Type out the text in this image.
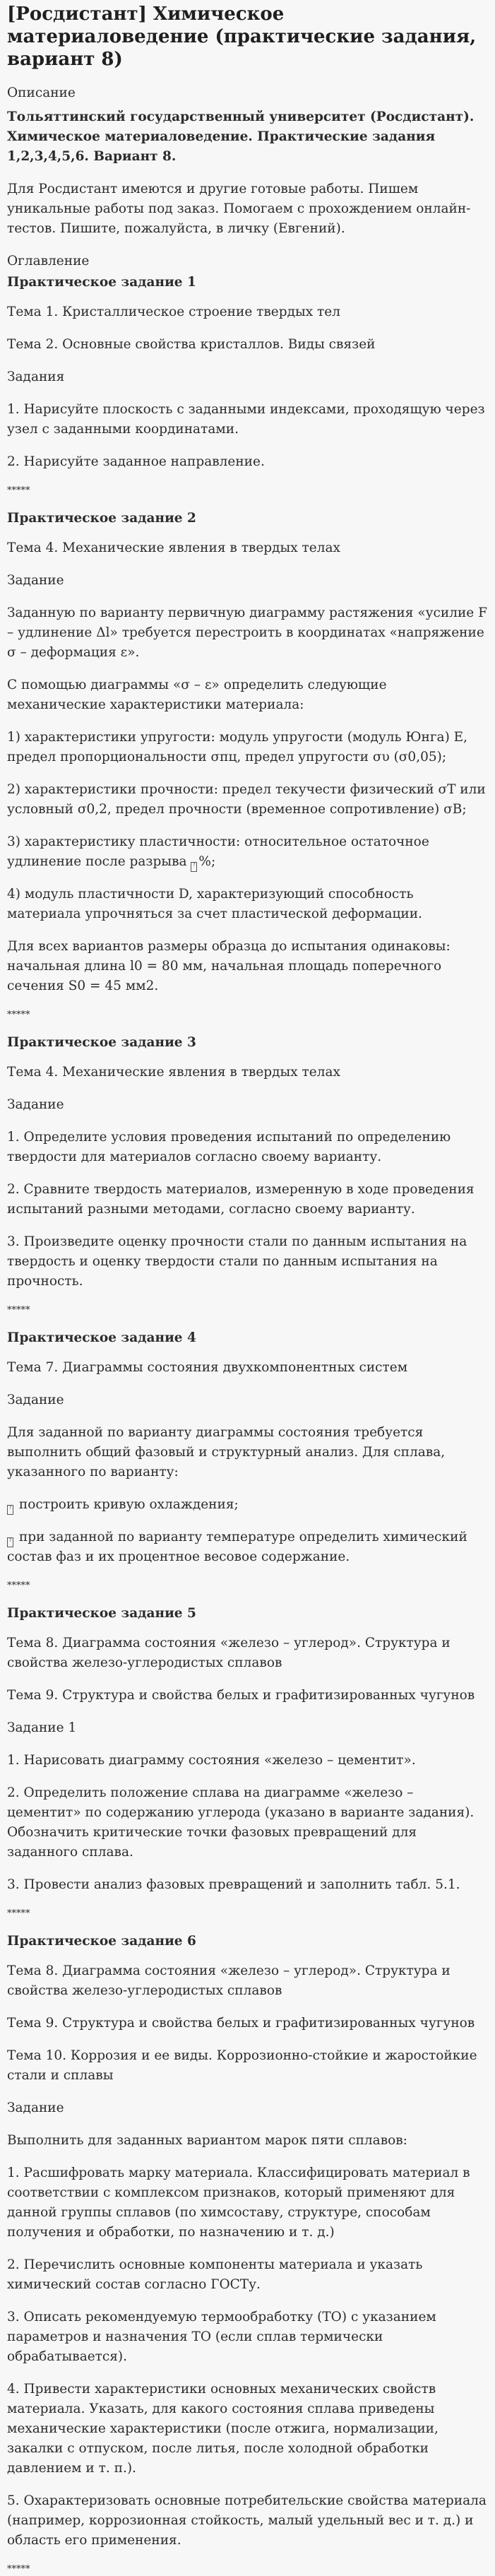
[Росдистант] Химическое материаловедение (практические задания, вариант 8)
Описание

Тольяттинский государственный университет (Росдистант). Химическое материаловедение. Практические задания 1,2,3,4,5,6. Вариант 8.

Для Росдистант имеются и другие готовые работы. Пишем уникальные работы под заказ. Помогаем с прохождением онлайн-тестов. Пишите, пожалуйста, в личку (Евгений).

Оглавление
Практическое задание 1

Тема 1. Кристаллическое строение твердых тел

Тема 2. Основные свойства кристаллов. Виды связей

Задания

1. Нарисуйте плоскость с заданными индексами, проходящую через узел с заданными координатами.

2. Нарисуйте заданное направление.

*****
Практическое задание 2

Тема 4. Механические явления в твердых телах

Задание

Заданную по варианту первичную диаграмму растяжения «усилие F – удлинение Δl» требуется перестроить в координатах «напряжение σ – деформация ε».

С помощью диаграммы «σ – ε» определить следующие механические характеристики материала:

1) характеристики упругости: модуль упругости (модуль Юнга) Е, предел пропорциональности σпц, предел упругости συ (σ0,05);

2) характеристики прочности: предел текучести физический σТ или условный σ0,2, предел прочности (временное сопротивление) σВ;

3) характеристику пластичности: относительное остаточное удлинение после разрыва ? %;

4) модуль пластичности D, характеризующий способность материала упрочняться за счет пластической деформации.

Для всех вариантов размеры образца до испытания одинаковы: начальная длина l0 = 80 мм, начальная площадь поперечного сечения S0 = 45 мм2.

*****
Практическое задание 3

Тема 4. Механические явления в твердых телах

Задание

1. Определите условия проведения испытаний по определению твердости для материалов согласно своему варианту.

2. Сравните твердость материалов, измеренную в ходе проведения испытаний разными методами, согласно своему варианту.

3. Произведите оценку прочности стали по данным испытания на твердость и оценку твердости стали по данным испытания на прочность.

*****
Практическое задание 4

Тема 7. Диаграммы состояния двухкомпонентных систем

Задание

Для заданной по варианту диаграммы состояния требуется выполнить общий фазовый и структурный анализ. Для сплава, указанного по варианту:

? построить кривую охлаждения;

? при заданной по варианту температуре определить химический состав фаз и их процентное весовое содержание.

*****
Практическое задание 5

Тема 8. Диаграмма состояния «железо – углерод». Структура и свойства железо-углеродистых сплавов

Тема 9. Структура и свойства белых и графитизированных чугунов

Задание 1

1. Нарисовать диаграмму состояния «железо – цементит».

2. Определить положение сплава на диаграмме «железо – цементит» по содержанию углерода (указано в варианте задания). Обозначить критические точки фазовых превращений для заданного сплава.

3. Провести анализ фазовых превращений и заполнить табл. 5.1.

*****
Практическое задание 6

Тема 8. Диаграмма состояния «железо – углерод». Структура и свойства железо-углеродистых сплавов

Тема 9. Структура и свойства белых и графитизированных чугунов

Тема 10. Коррозия и ее виды. Коррозионно-стойкие и жаростойкие стали и сплавы

Задание

Выполнить для заданных вариантом марок пяти сплавов:

1. Расшифровать марку материала. Классифицировать материал в соответствии с комплексом признаков, который применяют для данной группы сплавов (по химсоставу, структуре, способам получения и обработки, по назначению и т. д.)

2. Перечислить основные компоненты материала и указать химический состав согласно ГОСТу.

3. Описать рекомендуемую термообработку (ТО) с указанием параметров и назначения ТО (если сплав термически обрабатывается).

4. Привести характеристики основных механических свойств материала. Указать, для какого состояния сплава приведены механические характеристики (после отжига, нормализации, закалки с отпуском, после литья, после холодной обработки давлением и т. п.).

5. Охарактеризовать основные потребительские свойства материала (например, коррозионная стойкость, малый удельный вес и т. д.) и область его применения.

*****
